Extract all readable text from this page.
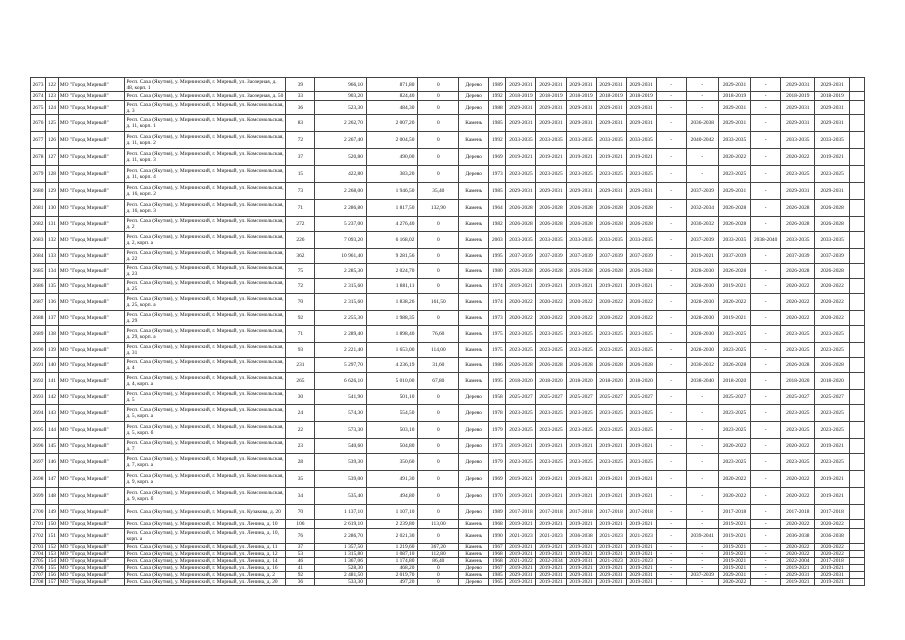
2673	122	МО "Город Мирный"	Респ. Саха (Якутия), у. Мирнинский, г. Мирный, ул. Заозерная, д. 48, корп. 1	39	966,10	871,80	0	Дерево	1989	2029-2031	2029-2031	2029-2031	2029-2031	2029-2031	-	-	2029-2031	-	2029-2031	2029-2031	
2674	123	МО "Город Мирный"	Респ. Саха (Якутия), у. Мирнинский, г. Мирный, ул. Заозерная, д. 50	33	903,20	824,40	0	Дерево	1992	2018-2019	2018-2019	2018-2019	2018-2019	2018-2019	-	-	2018-2019	-	2018-2019	2018-2019	
2675	124	МО "Город Мирный"	Респ. Саха (Якутия), у. Мирнинский, г. Мирный, ул. Комсомольская, д. 3	36	523,30	484,30	0	Дерево	1988	2029-2031	2029-2031	2029-2031	2029-2031	2029-2031	-	-	2029-2031	-	2029-2031	2029-2031	
2676	125	МО "Город Мирный"	Респ. Саха (Якутия), у. Мирнинский, г. Мирный, ул. Комсомольская, д. 11, корп. 1	83	2 262,70	2 007,20	0	Камень	1985	2029-2031	2029-2031	2029-2031	2029-2031	2029-2031	-	2036-2038	2029-2031	-	2029-2031	2029-2031	
2677	126	МО "Город Мирный"	Респ. Саха (Якутия), у. Мирнинский, г. Мирный, ул. Комсомольская, д. 11, корп. 2	72	2 267,40	2 004,50	0	Камень	1992	2033-2035	2033-2035	2033-2035	2033-2035	2033-2035	-	2040-2042	2033-2035	-	2033-2035	2033-2035	
2678	127	МО "Город Мирный"	Респ. Саха (Якутия), у. Мирнинский, г. Мирный, ул. Комсомольская, д. 11, корп. 3	37	520,80	490,00	0	Дерево	1969	2019-2021	2019-2021	2019-2021	2019-2021	2019-2021	-	-	2020-2022	-	2020-2022	2019-2021	
2679	128	МО "Город Мирный"	Респ. Саха (Якутия), у. Мирнинский, г. Мирный, ул. Комсомольская, д. 11, корп. 4	15	422,80	383,20	0	Дерево	1973	2023-2025	2023-2025	2023-2025	2023-2025	2023-2025	-	-	2023-2025	-	2023-2025	2023-2025	
2680	129	МО "Город Мирный"	Респ. Саха (Якутия), у. Мирнинский, г. Мирный, ул. Комсомольская, д. 16, корп. 2	73	2 268,00	1 946,50	35,40	Камень	1985	2029-2031	2029-2031	2029-2031	2029-2031	2029-2031	-	2037-2039	2029-2031	-	2029-2031	2029-2031	
2681	130	МО "Город Мирный"	Респ. Саха (Якутия), у. Мирнинский, г. Мирный, ул. Комсомольская, д. 16, корп. 3	71	2 286,80	1 817,50	132,90	Камень	1964	2026-2028	2026-2028	2026-2028	2026-2028	2026-2028	-	2032-2034	2026-2028	-	2026-2028	2026-2028	
2682	131	МО "Город Мирный"	Респ. Саха (Якутия), у. Мирнинский, г. Мирный, ул. Комсомольская, д. 2	272	5 237,00	4 276,40	0	Камень	1982	2026-2028	2026-2028	2026-2028	2026-2028	2026-2028	-	2030-2032	2026-2028	-	2026-2028	2026-2028	
2683	132	МО "Город Мирный"	Респ. Саха (Якутия), у. Мирнинский, г. Мирный, ул. Комсомольская, д. 2, корп. а	226	7 093,20	6 168,02	0	Камень	2003	2033-2035	2033-2035	2033-2035	2033-2035	2033-2035	-	2037-2039	2033-2035	2038-2040	2033-2035	2033-2035	
2684	133	МО "Город Мирный"	Респ. Саха (Якутия), у. Мирнинский, г. Мирный, ул. Комсомольская, д. 22	362	10 961,40	9 281,56	0	Камень	1995	2037-2039	2037-2039	2037-2039	2037-2039	2037-2039	-	2019-2021	2037-2039	-	2037-2039	2037-2039	
2685	134	МО "Город Мирный"	Респ. Саха (Якутия), у. Мирнинский, г. Мирный, ул. Комсомольская, д. 23	75	2 285,30	2 024,70	0	Камень	1980	2026-2028	2026-2028	2026-2028	2026-2028	2026-2028	-	2028-2030	2026-2028	-	2026-2028	2026-2028	
2686	135	МО "Город Мирный"	Респ. Саха (Якутия), у. Мирнинский, г. Мирный, ул. Комсомольская, д. 25	72	2 315,60	1 881,11	0	Камень	1974	2019-2021	2019-2021	2019-2021	2019-2021	2019-2021	-	2028-2030	2019-2021	-	2020-2022	2020-2022	
2687	136	МО "Город Мирный"	Респ. Саха (Якутия), у. Мирнинский, г. Мирный, ул. Комсомольская, д. 25, корп. а	70	2 315,60	1 838,26	161,50	Камень	1974	2020-2022	2020-2022	2020-2022	2020-2022	2020-2022	-	2028-2030	2020-2022	-	2020-2022	2020-2022	
2688	137	МО "Город Мирный"	Респ. Саха (Якутия), у. Мирнинский, г. Мирный, ул. Комсомольская, д. 29	92	2 255,30	1 988,35	0	Камень	1973	2020-2022	2020-2022	2020-2022	2020-2022	2020-2022	-	2028-2030	2019-2021	-	2020-2022	2020-2022	
2689	138	МО "Город Мирный"	Респ. Саха (Якутия), у. Мирнинский, г. Мирный, ул. Комсомольская, д. 29, корп. а	71	2 289,40	1 898,40	76,60	Камень	1975	2023-2025	2023-2025	2023-2025	2023-2025	2023-2025	-	2028-2030	2023-2025	-	2023-2025	2023-2025	
2690	139	МО "Город Мирный"	Респ. Саха (Якутия), у. Мирнинский, г. Мирный, ул. Комсомольская, д. 31	93	2 221,40	1 653,00	114,00	Камень	1975	2023-2025	2023-2025	2023-2025	2023-2025	2023-2025	-	2028-2030	2023-2025	-	2023-2025	2023-2025	
2691	140	МО "Город Мирный"	Респ. Саха (Якутия), у. Мирнинский, г. Мирный, ул. Комсомольская, д. 4	231	5 297,70	4 236,19	31,60	Камень	1986	2026-2028	2026-2028	2026-2028	2026-2028	2026-2028	-	2030-2032	2026-2028	-	2026-2028	2026-2028	
2692	141	МО "Город Мирный"	Респ. Саха (Якутия), у. Мирнинский, г. Мирный, ул. Комсомольская, д. 4, корп. а	265	6 626,10	5 010,00	67,80	Камень	1995	2018-2020	2018-2020	2018-2020	2018-2020	2018-2020	-	2038-2040	2018-2020	-	2018-2020	2018-2020	
2693	142	МО "Город Мирный"	Респ. Саха (Якутия), у. Мирнинский, г. Мирный, ул. Комсомольская, д. 5	30	541,90	501,10	0	Дерево	1958	2025-2027	2025-2027	2025-2027	2025-2027	2025-2027	-	-	2025-2027	-	2025-2027	2025-2027	
2694	143	МО "Город Мирный"	Респ. Саха (Якутия), у. Мирнинский, г. Мирный, ул. Комсомольская, д. 5, корп. а	24	574,30	554,50	0	Дерево	1978	2023-2025	2023-2025	2023-2025	2023-2025	2023-2025	-	-	2023-2025	-	2023-2025	2023-2025	
2695	144	МО "Город Мирный"	Респ. Саха (Якутия), у. Мирнинский, г. Мирный, ул. Комсомольская, д. 5, корп. б	22	573,30	503,10	0	Дерево	1979	2023-2025	2023-2025	2023-2025	2023-2025	2023-2025	-	-	2023-2025	-	2023-2025	2023-2025	
2696	145	МО "Город Мирный"	Респ. Саха (Якутия), у. Мирнинский, г. Мирный, ул. Комсомольская, д. 7	23	540,60	504,80	0	Дерево	1973	2019-2021	2019-2021	2019-2021	2019-2021	2019-2021	-	-	2020-2022	-	2020-2022	2019-2021	
2697	146	МО "Город Мирный"	Респ. Саха (Якутия), у. Мирнинский, г. Мирный, ул. Комсомольская, д. 7, корп. а	28	539,30	350,60	0	Дерево	1979	2023-2025	2023-2025	2023-2025	2023-2025	2023-2025	-	-	2023-2025	-	2023-2025	2023-2025	
2698	147	МО "Город Мирный"	Респ. Саха (Якутия), у. Мирнинский, г. Мирный, ул. Комсомольская, д. 9, корп. а	35	539,00	491,30	0	Дерево	1969	2019-2021	2019-2021	2019-2021	2019-2021	2019-2021	-	-	2020-2022	-	2020-2022	2019-2021	
2699	148	МО "Город Мирный"	Респ. Саха (Якутия), у. Мирнинский, г. Мирный, ул. Комсомольская, д. 9, корп. б	34	535,40	494,80	0	Дерево	1970	2019-2021	2019-2021	2019-2021	2019-2021	2019-2021	-	-	2020-2022	-	2020-2022	2019-2021	
2700	149	МО "Город Мирный"	Респ. Саха (Якутия), у. Мирнинский, г. Мирный, ул. Кузакова, д. 20	70	1 137,10	1 107,10	0	Дерево	1989	2017-2018	2017-2018	2017-2018	2017-2018	2017-2018	-	-	2017-2018	-	2017-2018	2017-2018	
2701	150	МО "Город Мирный"	Респ. Саха (Якутия), у. Мирнинский, г. Мирный, ул. Ленина, д. 10	106	2 619,10	2 239,80	113,00	Камень	1968	2019-2021	2019-2021	2019-2021	2019-2021	2019-2021	-	-	2019-2021	-	2020-2022	2020-2022	
2702	151	МО "Город Мирный"	Респ. Саха (Якутия), у. Мирнинский, г. Мирный, ул. Ленина, д. 10, корп. а	76	2 286,70	2 021,30	0	Камень	1990	2021-2023	2021-2023	2036-2038	2021-2023	2021-2023	-	2039-2041	2019-2021	-	2036-2038	2036-2038	
2703	152	МО "Город Мирный"	Респ. Саха (Якутия), у. Мирнинский, г. Мирный, ул. Ленина, д. 11	37	1 357,50	1 219,60	367,20	Камень	1967	2019-2021	2019-2021	2019-2021	2019-2021	2019-2021	-	-	2019-2021	-	2020-2022	2020-2022	
2704	153	МО "Город Мирный"	Респ. Саха (Якутия), у. Мирнинский, г. Мирный, ул. Ленина, д. 12	53	1 315,80	1 087,10	112,80	Камень	1968	2019-2021	2019-2021	2019-2021	2019-2021	2019-2021	-	-	2019-2021	-	2020-2022	2020-2022	
2705	154	МО "Город Мирный"	Респ. Саха (Якутия), у. Мирнинский, г. Мирный, ул. Ленина, д. 14	46	1 367,06	1 174,80	86,40	Камень	1968	2021-2022	2032-2034	2029-2031	2021-2023	2021-2023	-	-	2019-2021	-	2022-2004	2017-2018	
2706	155	МО "Город Мирный"	Респ. Саха (Якутия), у. Мирнинский, г. Мирный, ул. Ленина, д. 16	41	528,30	468,20	0	Дерево	1967	2019-2021	2019-2021	2019-2021	2019-2021	2019-2021	-	-	2019-2021	-	2019-2021	2019-2021	
2707	156	МО "Город Мирный"	Респ. Саха (Якутия), у. Мирнинский, г. Мирный, ул. Ленина, д. 2	92	2 481,50	2 019,70	0	Камень	1985	2029-2031	2029-2031	2029-2031	2029-2031	2029-2031	-	2037-2039	2029-2031	-	2029-2031	2029-2031	
2708	157	МО "Город Мирный"	Респ. Саха (Якутия), у. Мирнинский, г. Мирный, ул. Ленина, д. 20	36	533,30	497,20	0	Дерево	1965	2019-2021	2019-2021	2019-2021	2019-2021	2019-2021	-	-	2020-2022	-	2019-2021	2019-2021	
